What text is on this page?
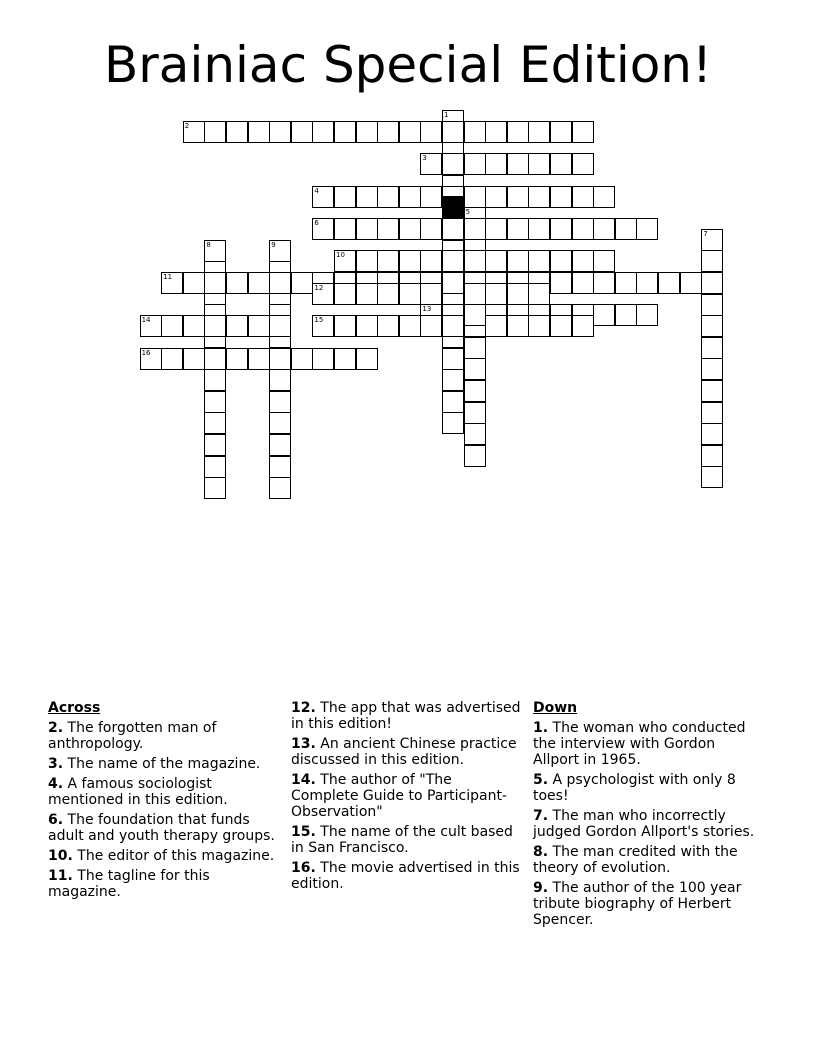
Brainiac Special Edition!
1
2
3
4
5
6
7
8	9
10
11
12
13
14	15
16
Across
2. The forgotten man of anthropology.
3. The name of the magazine.
4. A famous sociologist mentioned in this edition.
6. The foundation that funds adult and youth therapy groups.
10. The editor of this magazine.
11. The tagline for this magazine.
12. The app that was advertised in this edition!
13. An ancient Chinese practice discussed in this edition.
14. The author of "The Complete Guide to Participant-Observation"
15. The name of the cult based in San Francisco.
16. The movie advertised in this edition.
Down
1. The woman who conducted the interview with Gordon Allport in 1965.
5. A psychologist with only 8 toes!
7. The man who incorrectly judged Gordon Allport's stories.
8. The man credited with the theory of evolution.
9. The author of the 100 year tribute biography of Herbert Spencer.
